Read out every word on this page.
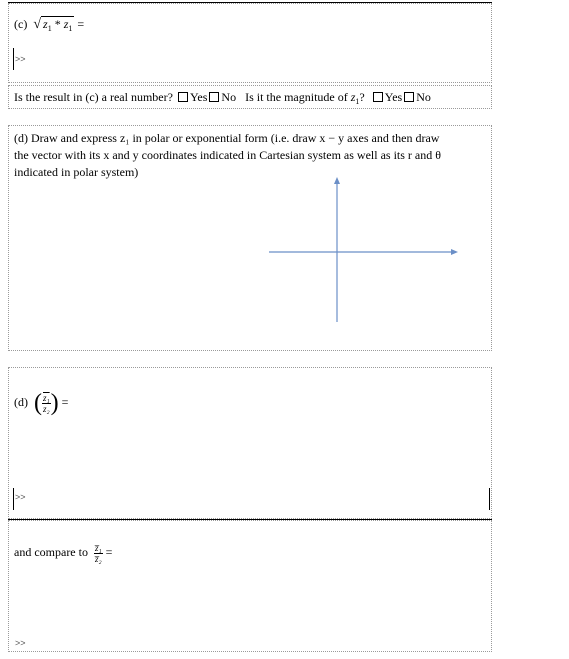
(c) √ $z_1 * \overline{z}_1$ =
>>
Is the result in (c) a real number? Yes No Is it the magnitude of $z_1$? Yes No
(d) Draw and express z₁ in polar or exponential form (i.e. draw x − y axes and then draw
the vector with its x and y coordinates indicated in Cartesian system as well as its r and θ
indicated in polar system)
(d) ( $\frac{\text{z₁}}{\text{z₂}}$ ) =
>>
and compare to $\frac{\text{z̅₁}}{\text{z̅₂}}$ =
>>
